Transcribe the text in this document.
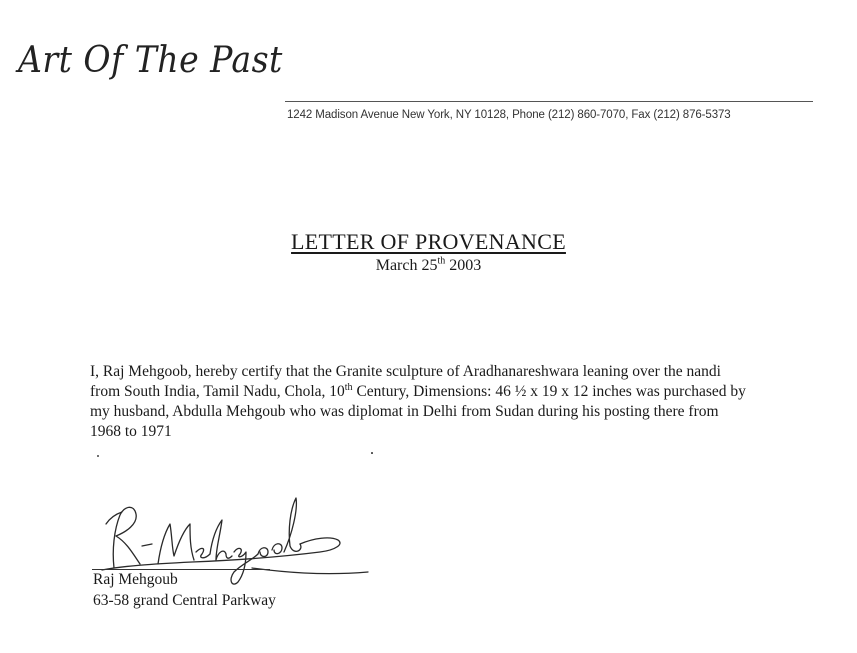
Art Of The Past
1242 Madison Avenue New York, NY 10128, Phone (212) 860-7070, Fax (212) 876-5373
LETTER OF PROVENANCE
March 25th 2003
I, Raj Mehgoob, hereby certify that the Granite sculpture of Aradhanareshwara leaning over the nandi from South India, Tamil Nadu, Chola, 10th Century, Dimensions: 46 ½ x 19 x 12 inches was purchased by my husband, Abdulla Mehgoub who was diplomat in Delhi from Sudan during his posting there from 1968 to 1971
Raj Mehgoub
63-58 grand Central Parkway
